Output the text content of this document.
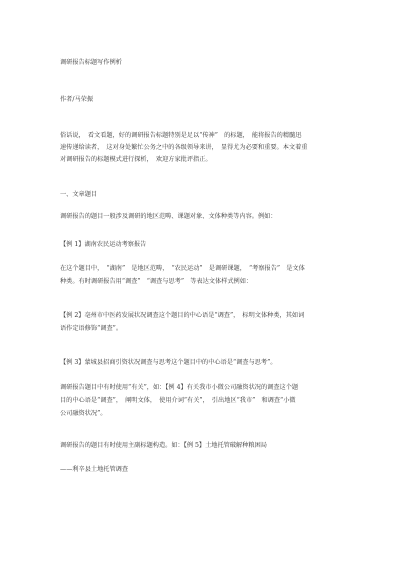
调研报告标题写作例析
作者/马荣振
俗话说，　看文看题，好的调研报告标题特别是足以“传神”　的标题，　能将报告的精髓迅
速传递给读者，　这对身处繁忙公务之中的各级领导来讲，　显得尤为必要和重要。本文着重
对调研报告的标题模式进行探析，　欢迎方家批评指正。
一、文章题目
调研报告的题目一般涉及调研的地区范畴、课题对象、文体种类等内容。例如：
【例 1】湖南农民运动考察报告
在这个题目中，　“湖南”　是地区范畴，　“农民运动”　是调研课题，　“考察报告”　是文体
种类。有时调研报告用“调查”　“调查与思考”　等表达文体样式例如：
【例 2】亳州市中医药发展状况调查这个题目的中心语是“调查”，　标明文体种类，其如词
语作定语修饰“调查”。
【例 3】蒙城县招商引资状况调查与思考这个题目中的中心语是“调查与思考”。
调研报告题目中有时使用“有关”，如：【例 4】有关我市小微公司融资状况的调查这个题
目的中心语是“调查”，　阐明文体，　使用介词“有关”，　引出地区“我市”　和调查“小微
公司融资状况”。
调研报告的题目有时使用主副标题构造。如：【例 5】土地托管破解种粮困局
——利辛县土地托管调查
